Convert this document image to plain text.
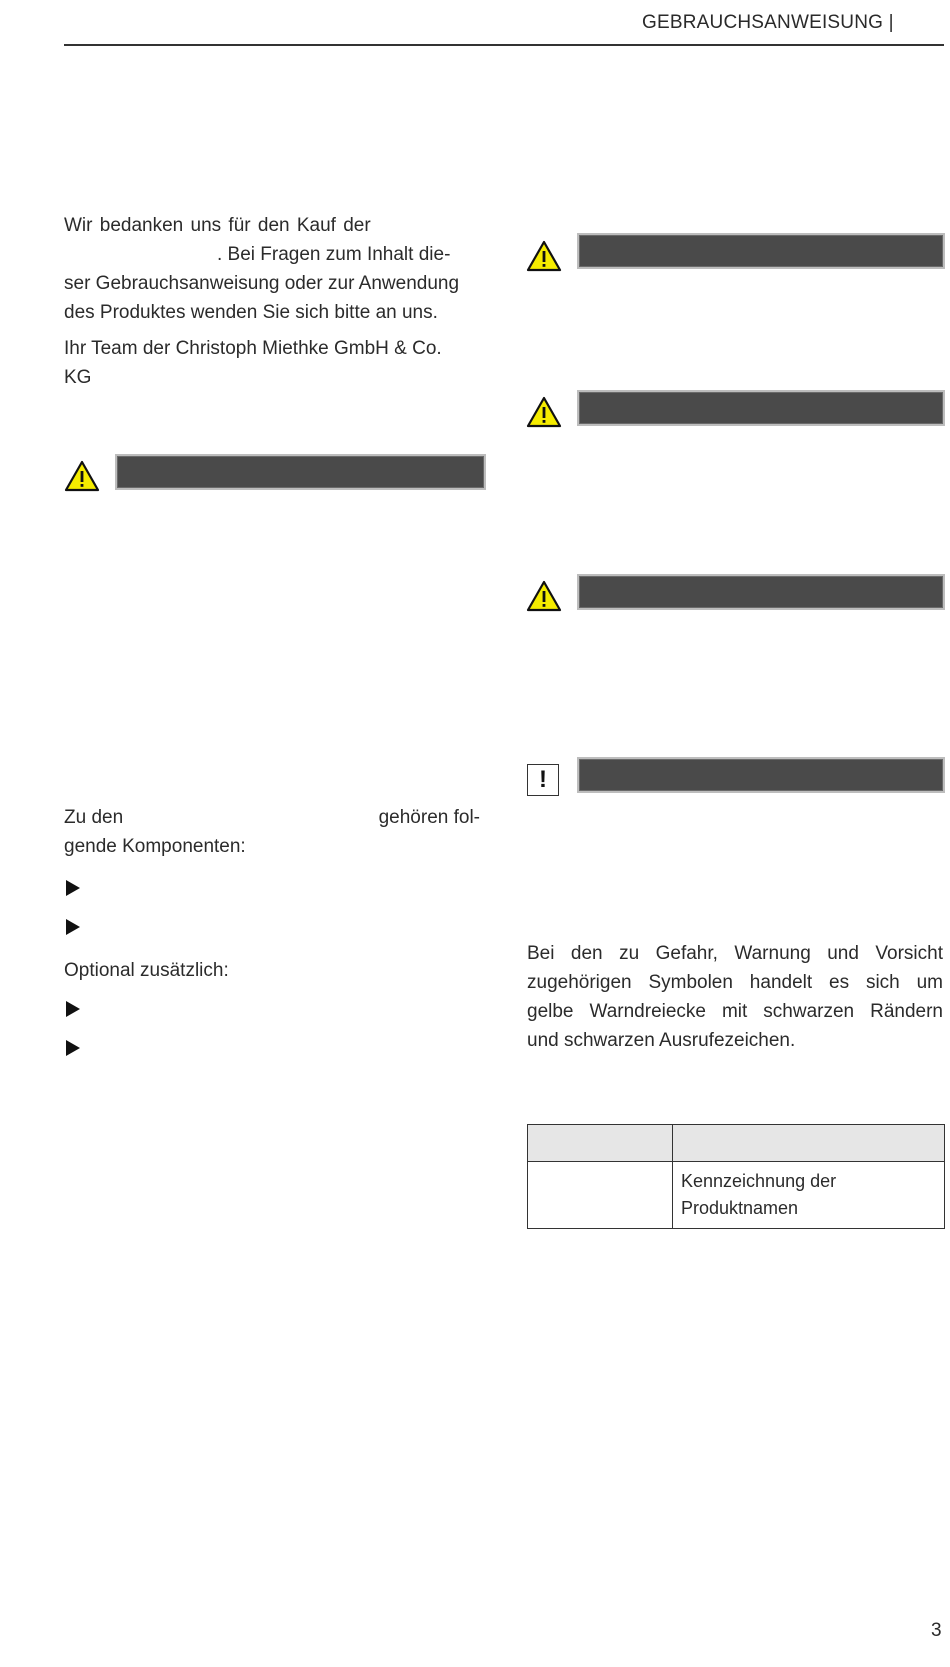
GEBRAUCHSANWEISUNG |
Wir bedanken uns für den Kauf der
. Bei Fragen zum Inhalt die-
ser Gebrauchsanweisung oder zur Anwendung
des Produktes wenden Sie sich bitte an uns.
Ihr Team der Christoph Miethke GmbH & Co.
KG
Zu den	gehören fol-
gende Komponenten:
Optional zusätzlich:
!
Bei den zu Gefahr, Warnung und Vorsicht
zugehörigen Symbolen handelt es sich um
gelbe Warndreiecke mit schwarzen Rändern
und schwarzen Ausrufezeichen.

	Kennzeichnung der Produktnamen
3
